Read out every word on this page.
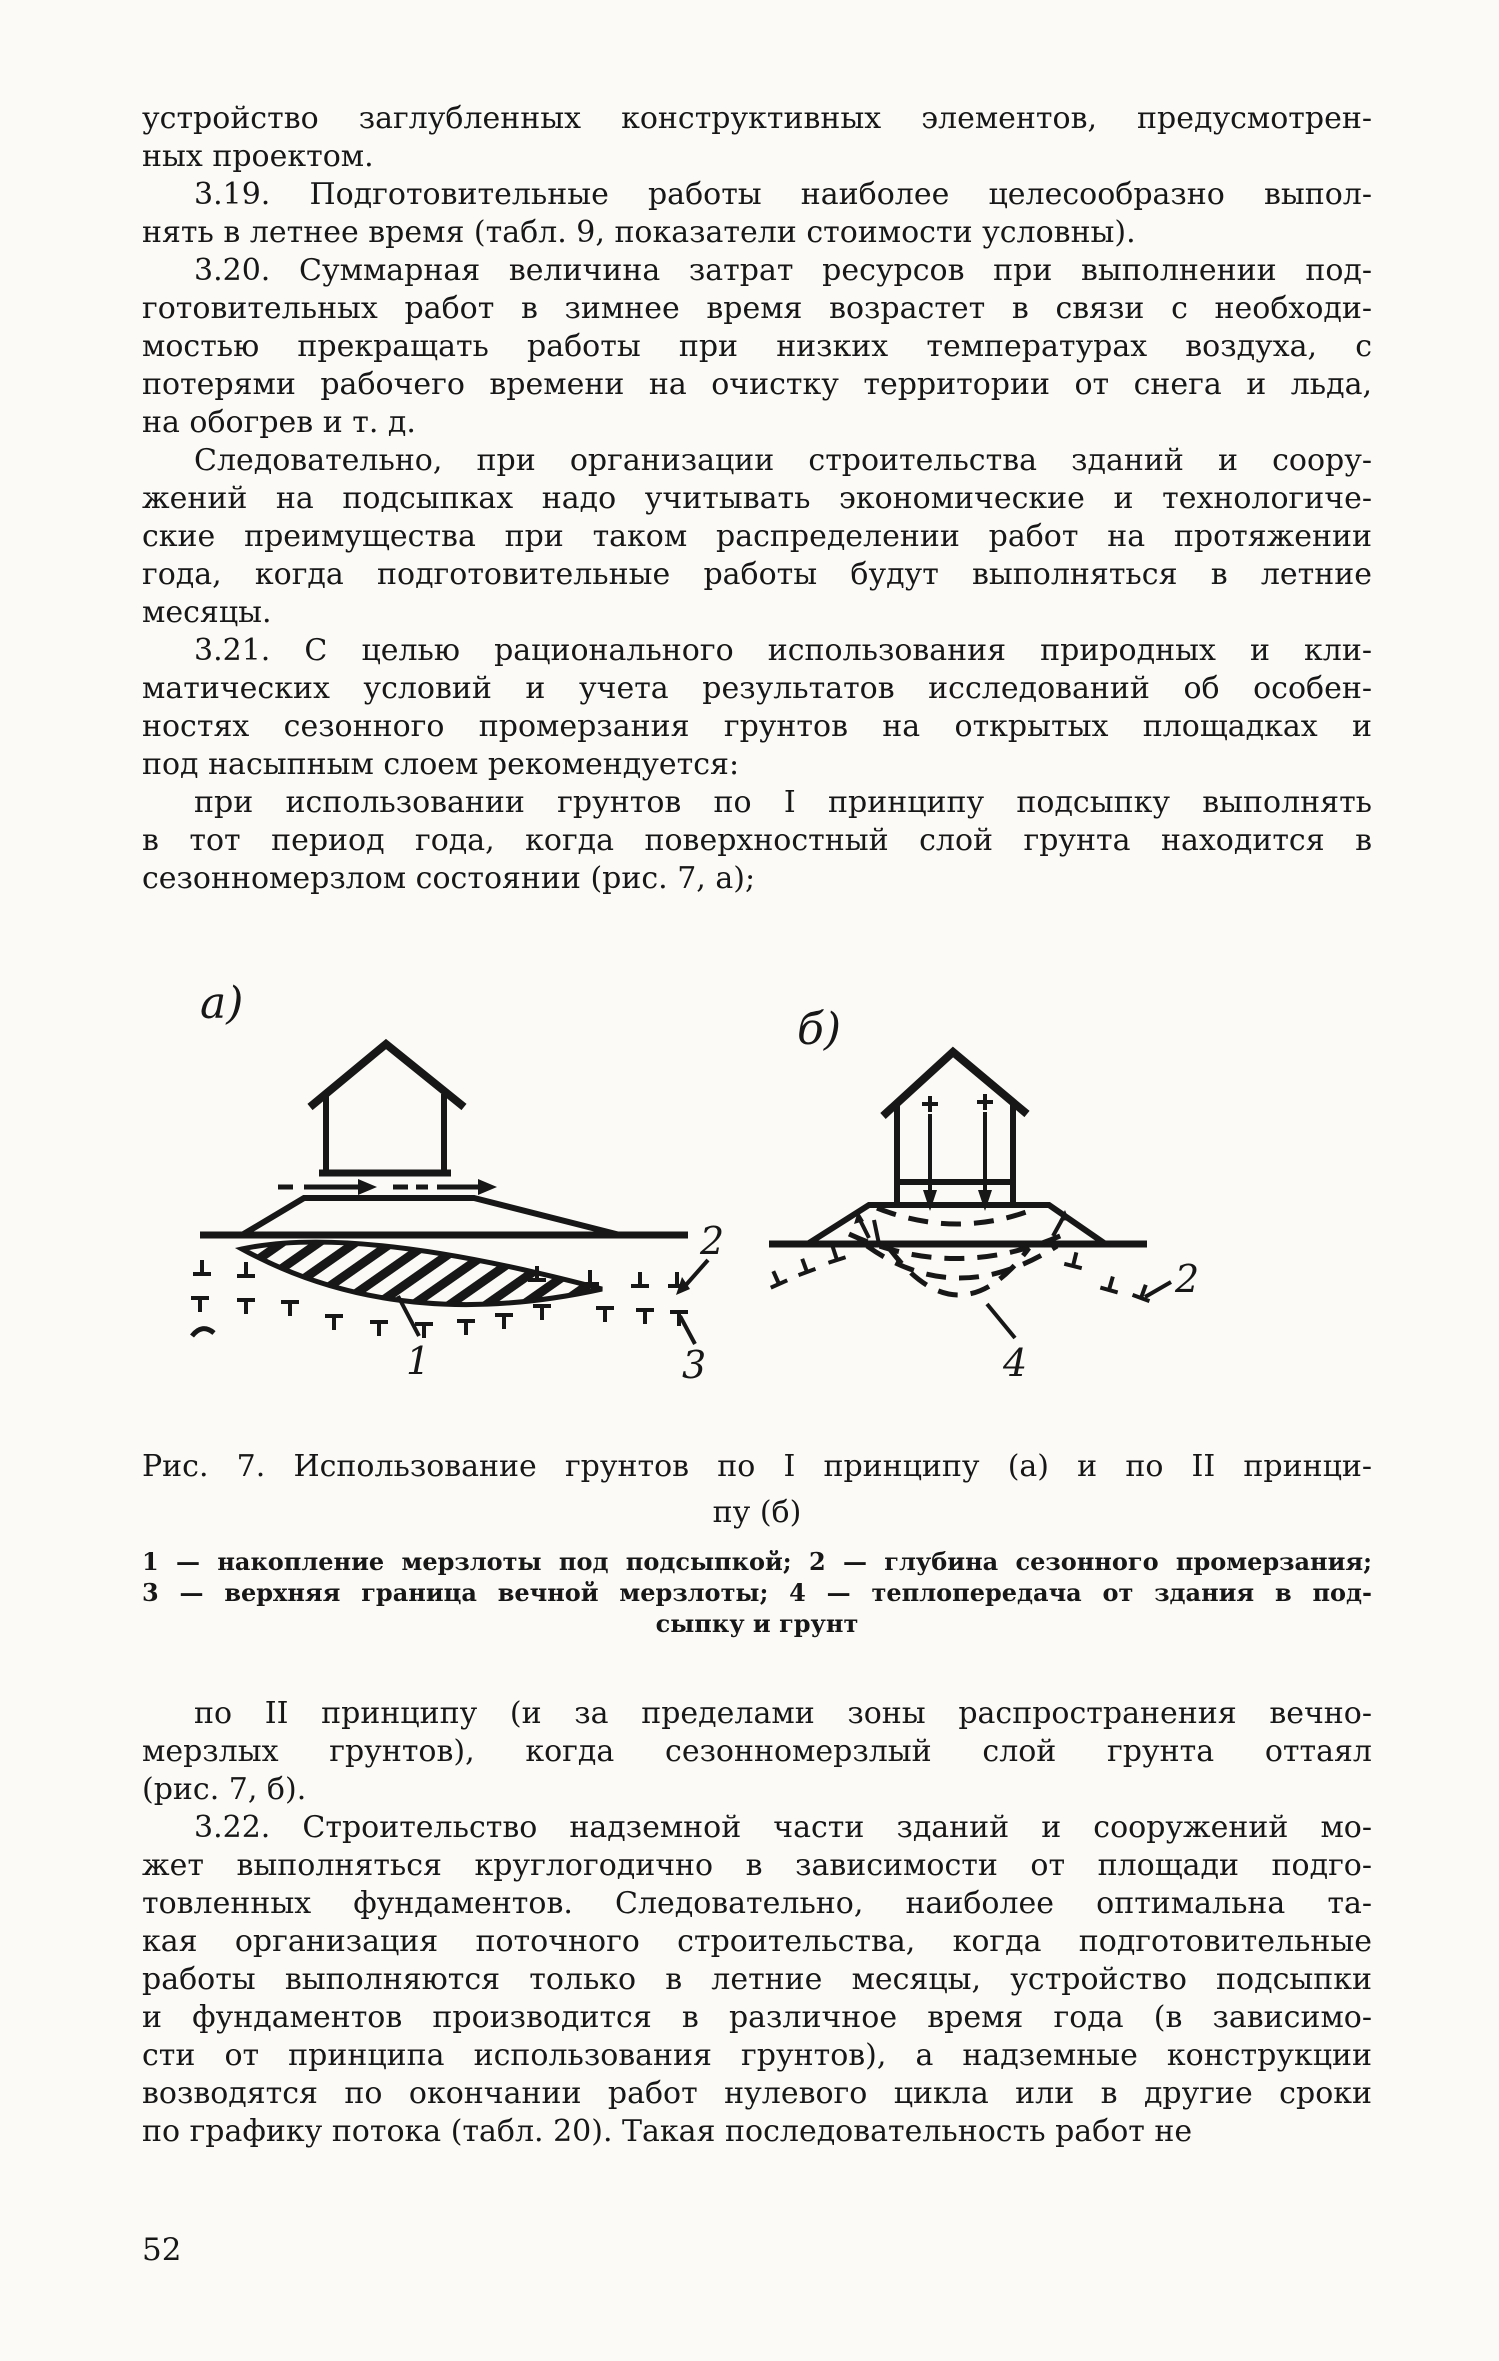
устройство заглубленных конструктивных элементов, предусмотрен-
ных проектом.
3.19. Подготовительные работы наиболее целесообразно выпол-
нять в летнее время (табл. 9, показатели стоимости условны).
3.20. Суммарная величина затрат ресурсов при выполнении под-
готовительных работ в зимнее время возрастет в связи с необходи-
мостью прекращать работы при низких температурах воздуха, с
потерями рабочего времени на очистку территории от снега и льда,
на обогрев и т. д.
Следовательно, при организации строительства зданий и соору-
жений на подсыпках надо учитывать экономические и технологиче-
ские преимущества при таком распределении работ на протяжении
года, когда подготовительные работы будут выполняться в летние
месяцы.
3.21. С целью рационального использования природных и кли-
матических условий и учета результатов исследований об особен-
ностях сезонного промерзания грунтов на открытых площадках и
под насыпным слоем рекомендуется:
при использовании грунтов по I принципу подсыпку выполнять
в тот период года, когда поверхностный слой грунта находится в
сезонномерзлом состоянии (рис. 7, а);
а)
1
2
3
б)
2
4
Рис. 7. Использование грунтов по I принципу (а) и по II принци-
пу (б)
1 — накопление мерзлоты под подсыпкой; 2 — глубина сезонного промерзания;
3 — верхняя граница вечной мерзлоты; 4 — теплопередача от здания в под-
сыпку и грунт
по II принципу (и за пределами зоны распространения вечно-
мерзлых грунтов), когда сезонномерзлый слой грунта оттаял
(рис. 7, б).
3.22. Строительство надземной части зданий и сооружений мо-
жет выполняться круглогодично в зависимости от площади подго-
товленных фундаментов. Следовательно, наиболее оптимальна та-
кая организация поточного строительства, когда подготовительные
работы выполняются только в летние месяцы, устройство подсыпки
и фундаментов производится в различное время года (в зависимо-
сти от принципа использования грунтов), а надземные конструкции
возводятся по окончании работ нулевого цикла или в другие сроки
по графику потока (табл. 20). Такая последовательность работ не
52
